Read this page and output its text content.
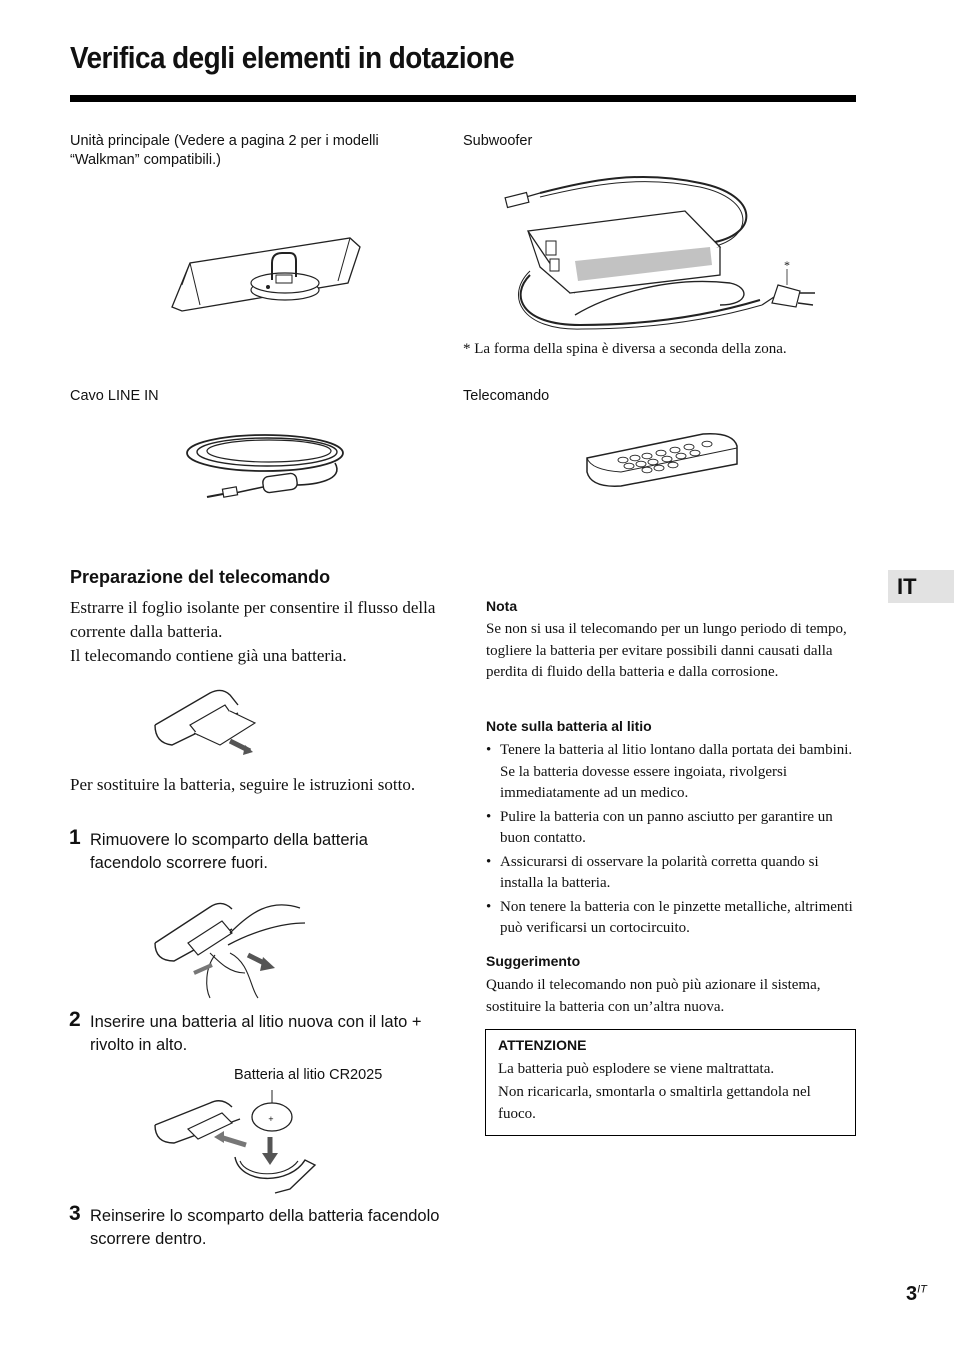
Verifica degli elementi in dotazione
Unità principale (Vedere a pagina 2 per i modelli “Walkman” compatibili.)
Subwoofer
Cavo LINE IN	Telecomando
* La forma della spina è diversa a seconda della zona.
*
IT
Preparazione del telecomando
Estrarre il foglio isolante per consentire il flusso della corrente dalla batteria.
Il telecomando contiene già una batteria.
Per sostituire la batteria, seguire le istruzioni sotto.
1 Rimuovere lo scomparto della batteria facendolo scorrere fuori.
2 Inserire una batteria al litio nuova con il lato + rivolto in alto.
Batteria al litio CR2025
+
3 Reinserire lo scomparto della batteria facendolo scorrere dentro.
Nota
Se non si usa il telecomando per un lungo periodo di tempo, togliere la batteria per evitare possibili danni causati dalla perdita di fluido della batteria e dalla corrosione.
Note sulla batteria al litio
• Tenere la batteria al litio lontano dalla portata dei bambini. Se la batteria dovesse essere ingoiata, rivolgersi immediatamente ad un medico.
• Pulire la batteria con un panno asciutto per garantire un buon contatto.
• Assicurarsi di osservare la polarità corretta quando si installa la batteria.
• Non tenere la batteria con le pinzette metalliche, altrimenti può verificarsi un cortocircuito.
Suggerimento
Quando il telecomando non può più azionare il sistema, sostituire la batteria con un’altra nuova.
ATTENZIONE
La batteria può esplodere se viene maltrattata.
Non ricaricarla, smontarla o smaltirla gettandola nel fuoco.
$3^{IT}$
